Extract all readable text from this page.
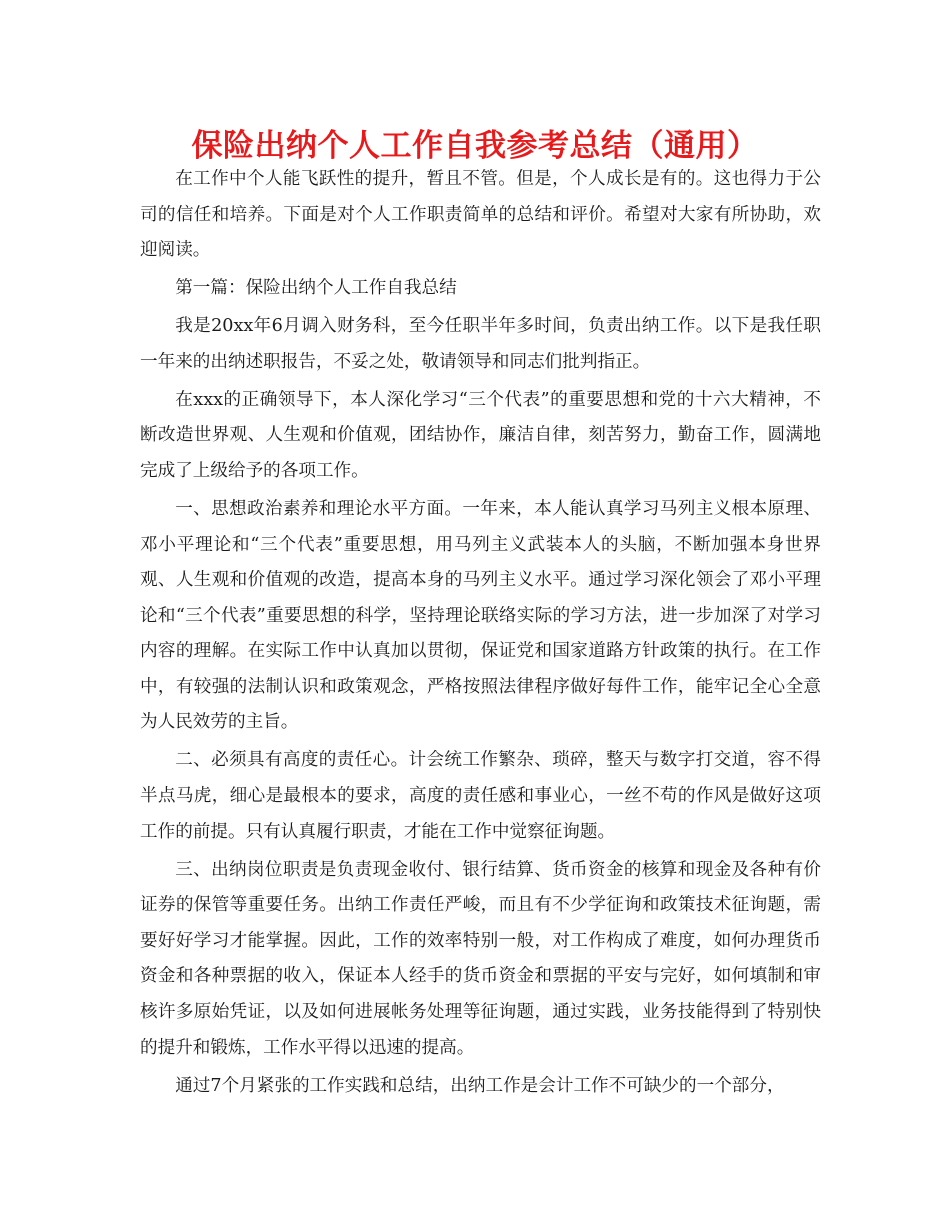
保险出纳个人工作自我参考总结（通用）

在工作中个人能飞跃性的提升，暂且不管。但是，个人成长是有的。这也得力于公司的信任和培养。下面是对个人工作职责简单的总结和评价。希望对大家有所协助，欢迎阅读。

第一篇：保险出纳个人工作自我总结

我是20xx年6月调入财务科，至今任职半年多时间，负责出纳工作。以下是我任职一年来的出纳述职报告，不妥之处，敬请领导和同志们批判指正。

在xxx的正确领导下，本人深化学习“三个代表”的重要思想和党的十六大精神，不断改造世界观、人生观和价值观，团结协作，廉洁自律，刻苦努力，勤奋工作，圆满地完成了上级给予的各项工作。

一、思想政治素养和理论水平方面。一年来，本人能认真学习马列主义根本原理、邓小平理论和“三个代表”重要思想，用马列主义武装本人的头脑，不断加强本身世界观、人生观和价值观的改造，提高本身的马列主义水平。通过学习深化领会了邓小平理论和“三个代表”重要思想的科学，坚持理论联络实际的学习方法，进一步加深了对学习内容的理解。在实际工作中认真加以贯彻，保证党和国家道路方针政策的执行。在工作中，有较强的法制认识和政策观念，严格按照法律程序做好每件工作，能牢记全心全意为人民效劳的主旨。

二、必须具有高度的责任心。计会统工作繁杂、琐碎，整天与数字打交道，容不得半点马虎，细心是最根本的要求，高度的责任感和事业心，一丝不苟的作风是做好这项工作的前提。只有认真履行职责，才能在工作中觉察征询题。

三、出纳岗位职责是负责现金收付、银行结算、货币资金的核算和现金及各种有价证券的保管等重要任务。出纳工作责任严峻，而且有不少学征询和政策技术征询题，需要好好学习才能掌握。因此，工作的效率特别一般，对工作构成了难度，如何办理货币资金和各种票据的收入，保证本人经手的货币资金和票据的平安与完好，如何填制和审核许多原始凭证，以及如何进展帐务处理等征询题，通过实践，业务技能得到了特别快的提升和锻炼，工作水平得以迅速的提高。

通过7个月紧张的工作实践和总结，出纳工作是会计工作不可缺少的一个部分，
